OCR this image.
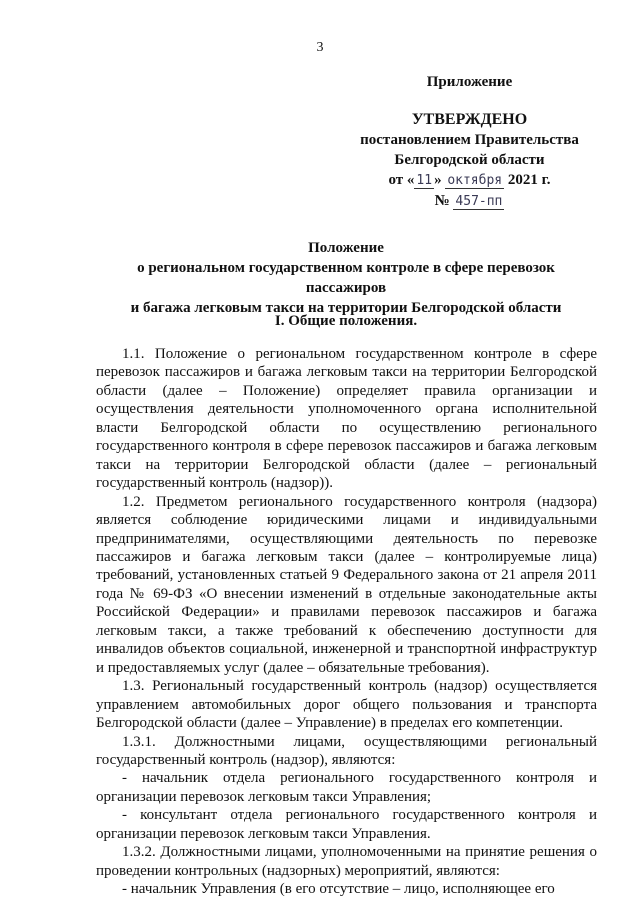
3
Приложение
УТВЕРЖДЕНО
постановлением Правительства
Белгородской области
от « 11 » октября 2021 г.
№ 457-пп
Положение
о региональном государственном контроле в сфере перевозок пассажиров
и багажа легковым такси на территории Белгородской области
I. Общие положения.

1.1. Положение о региональном государственном контроле в сфере перевозок пассажиров и багажа легковым такси на территории Белгородской области (далее – Положение) определяет правила организации и осуществления деятельности уполномоченного органа исполнительной власти Белгородской области по осуществлению регионального государственного контроля в сфере перевозок пассажиров и багажа легковым такси на территории Белгородской области (далее – региональный государственный контроль (надзор)).

1.2. Предметом регионального государственного контроля (надзора) является соблюдение юридическими лицами и индивидуальными предпринимателями, осуществляющими деятельность по перевозке пассажиров и багажа легковым такси (далее – контролируемые лица) требований, установленных статьей 9 Федерального закона от 21 апреля 2011 года № 69-ФЗ «О внесении изменений в отдельные законодательные акты Российской Федерации» и правилами перевозок пассажиров и багажа легковым такси, а также требований к обеспечению доступности для инвалидов объектов социальной, инженерной и транспортной инфраструктур и предоставляемых услуг (далее – обязательные требования).

1.3. Региональный государственный контроль (надзор) осуществляется управлением автомобильных дорог общего пользования и транспорта Белгородской области (далее – Управление) в пределах его компетенции.

1.3.1. Должностными лицами, осуществляющими региональный государственный контроль (надзор), являются:

- начальник отдела регионального государственного контроля и организации перевозок легковым такси Управления;

- консультант отдела регионального государственного контроля и организации перевозок легковым такси Управления.

1.3.2. Должностными лицами, уполномоченными на принятие решения о проведении контрольных (надзорных) мероприятий, являются:

- начальник Управления (в его отсутствие – лицо, исполняющее его
